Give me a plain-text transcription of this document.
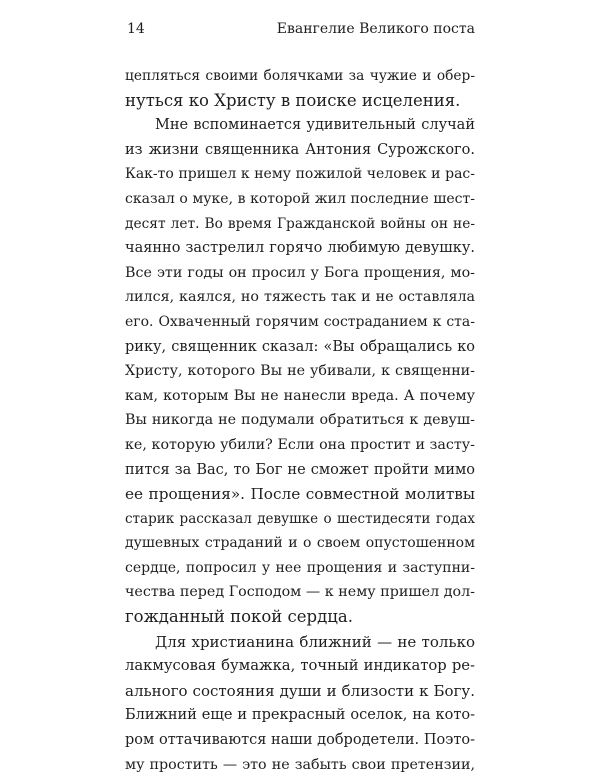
14	Евангелие Великого поста

цепляться своими болячками за чужие и обер-
нуться ко Христу в поиске исцеления.

Мне вспоминается удивительный случай
из жизни священника Антония Сурожского.
Как-то пришел к нему пожилой человек и рас-
сказал о муке, в которой жил последние шест-
десят лет. Во время Гражданской войны он не-
чаянно застрелил горячо любимую девушку.
Все эти годы он просил у Бога прощения, мо-
лился, каялся, но тяжесть так и не оставляла
его. Охваченный горячим состраданием к ста-
рику, священник сказал: «Вы обращались ко
Христу, которого Вы не убивали, к священни-
кам, которым Вы не нанесли вреда. А почему
Вы никогда не подумали обратиться к девуш-
ке, которую убили? Если она простит и засту-
пится за Вас, то Бог не сможет пройти мимо
ее прощения». После совместной молитвы
старик рассказал девушке о шестидесяти годах
душевных страданий и о своем опустошенном
сердце, попросил у нее прощения и заступни-
чества перед Господом — к нему пришел дол-
гожданный покой сердца.

Для христианина ближний — не только
лакмусовая бумажка, точный индикатор ре-
ального состояния души и близости к Богу.
Ближний еще и прекрасный оселок, на кото-
ром оттачиваются наши добродетели. Поэто-
му простить — это не забыть свои претензии,
